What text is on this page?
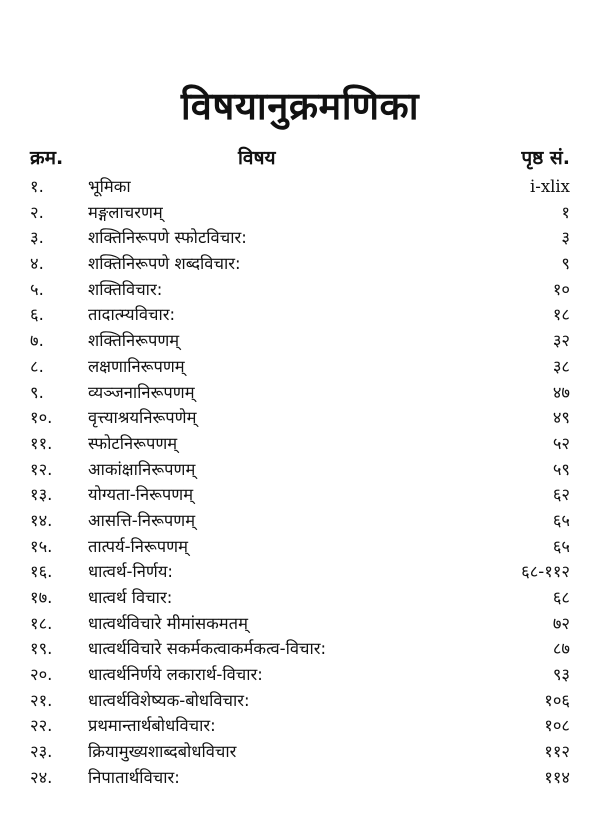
विषयानुक्रमणिका
क्रम.	विषय	पृष्ठ सं.
१.	भूमिका	i-xlix
२.	मङ्गलाचरणम्	१
३.	शक्तिनिरूपणे स्फोटविचार:	३
४.	शक्तिनिरूपणे शब्दविचार:	९
५.	शक्तिविचार:	१०
६.	तादात्म्यविचार:	१८
७.	शक्तिनिरूपणम्	३२
८.	लक्षणानिरूपणम्	३८
९.	व्यञ्जनानिरूपणम्	४७
१०. वृत्त्याश्रयनिरूपणेम्	४९
११. स्फोटनिरूपणम्	५२
१२. आकांक्षानिरूपणम्	५९
१३. योग्यता-निरूपणम्	६२
१४. आसत्ति-निरूपणम्	६५
१५. तात्पर्य-निरूपणम्	६५
१६. धात्वर्थ-निर्णय:	६८-११२
१७. धात्वर्थ विचार:	६८
१८. धात्वर्थविचारे मीमांसकमतम्	७२
१९. धात्वर्थविचारे सकर्मकत्वाकर्मकत्व-विचार:	८७
२०. धात्वर्थनिर्णये लकारार्थ-विचार:	९३
२१. धात्वर्थविशेष्यक-बोधविचार:	१०६
२२. प्रथमान्तार्थबोधविचार:	१०८
२३. क्रियामुख्यशाब्दबोधविचार	११२
२४. निपातार्थविचार:	११४
